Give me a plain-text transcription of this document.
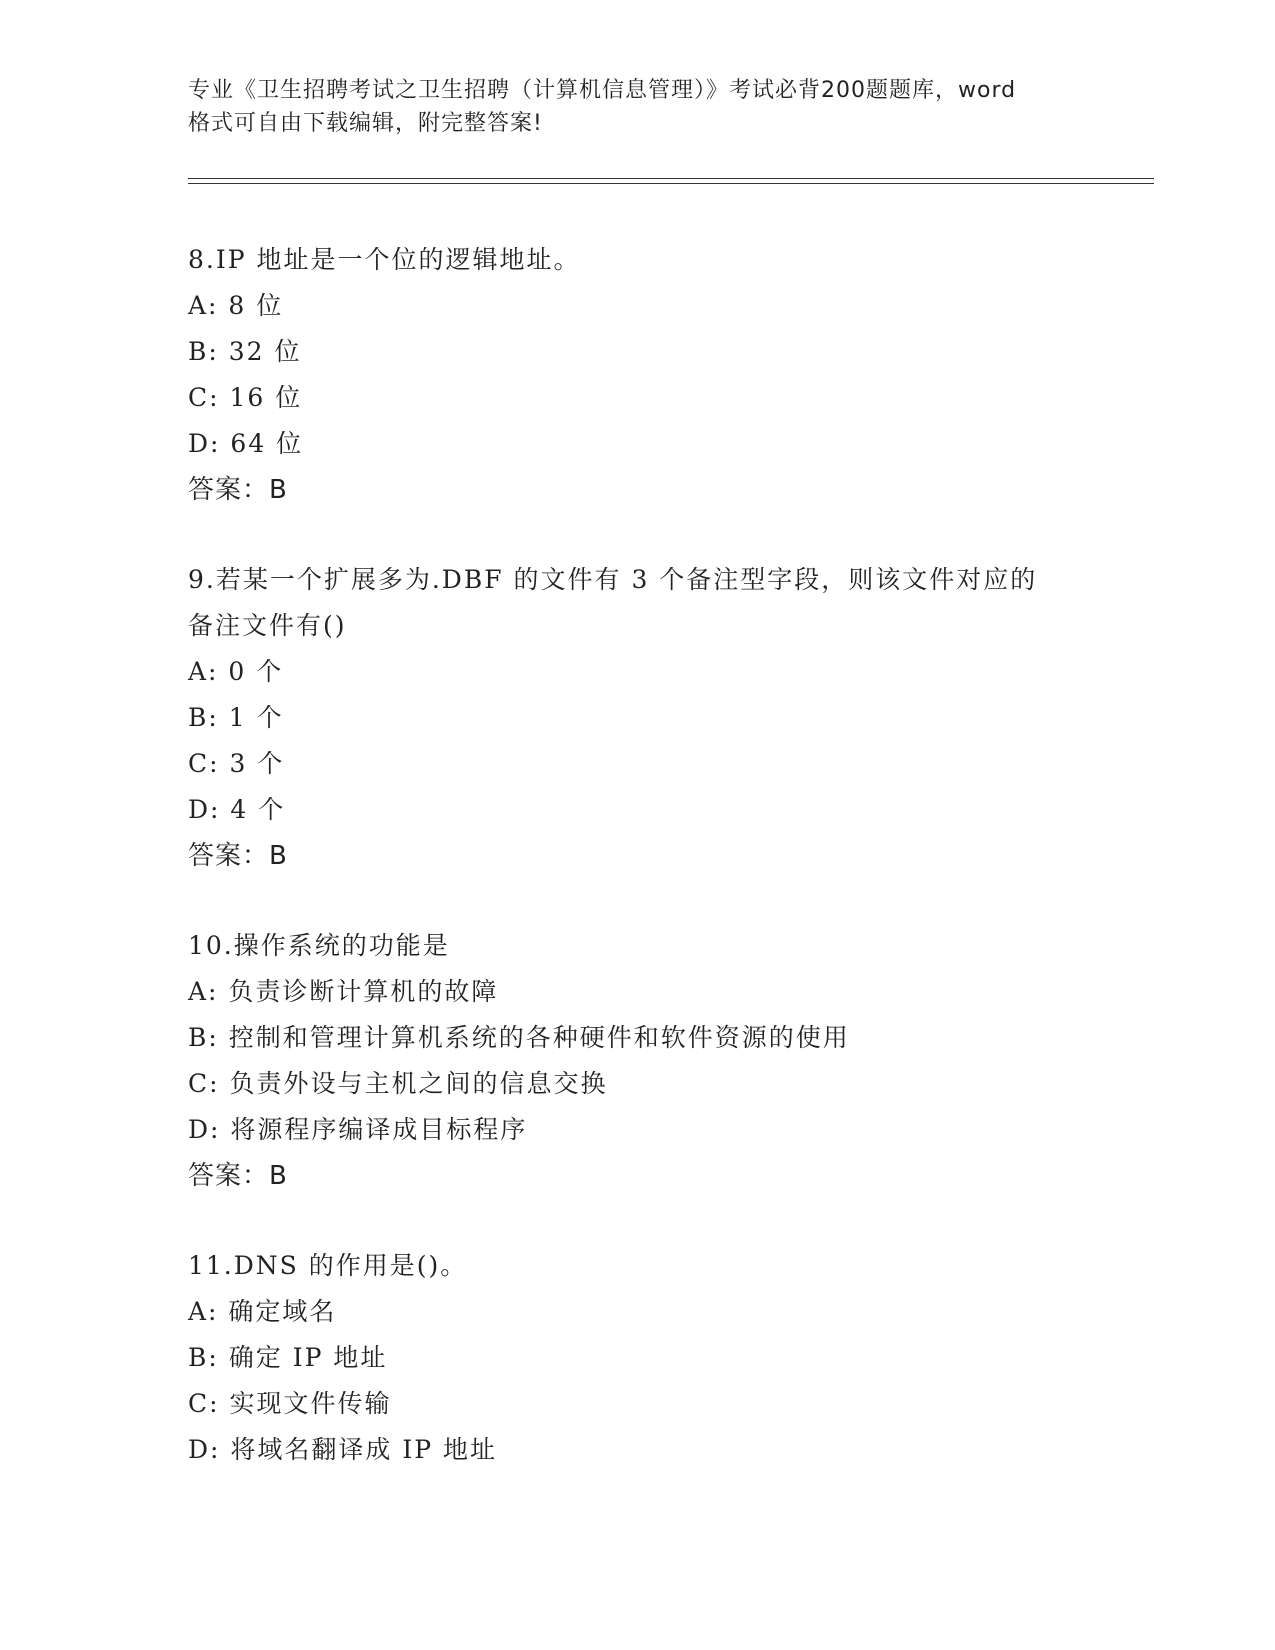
专业《卫生招聘考试之卫生招聘（计算机信息管理）》考试必背200题题库，word
格式可自由下载编辑，附完整答案!

8.IP 地址是一个位的逻辑地址。

A: 8 位

B: 32 位

C: 16 位

D: 64 位

答案：B

9.若某一个扩展多为.DBF 的文件有 3 个备注型字段，则该文件对应的

备注文件有()

A: 0 个

B: 1 个

C: 3 个

D: 4 个

答案：B

10.操作系统的功能是

A: 负责诊断计算机的故障

B: 控制和管理计算机系统的各种硬件和软件资源的使用

C: 负责外设与主机之间的信息交换

D: 将源程序编译成目标程序

答案：B

11.DNS 的作用是()。

A: 确定域名

B: 确定 IP 地址

C: 实现文件传输

D: 将域名翻译成 IP 地址
